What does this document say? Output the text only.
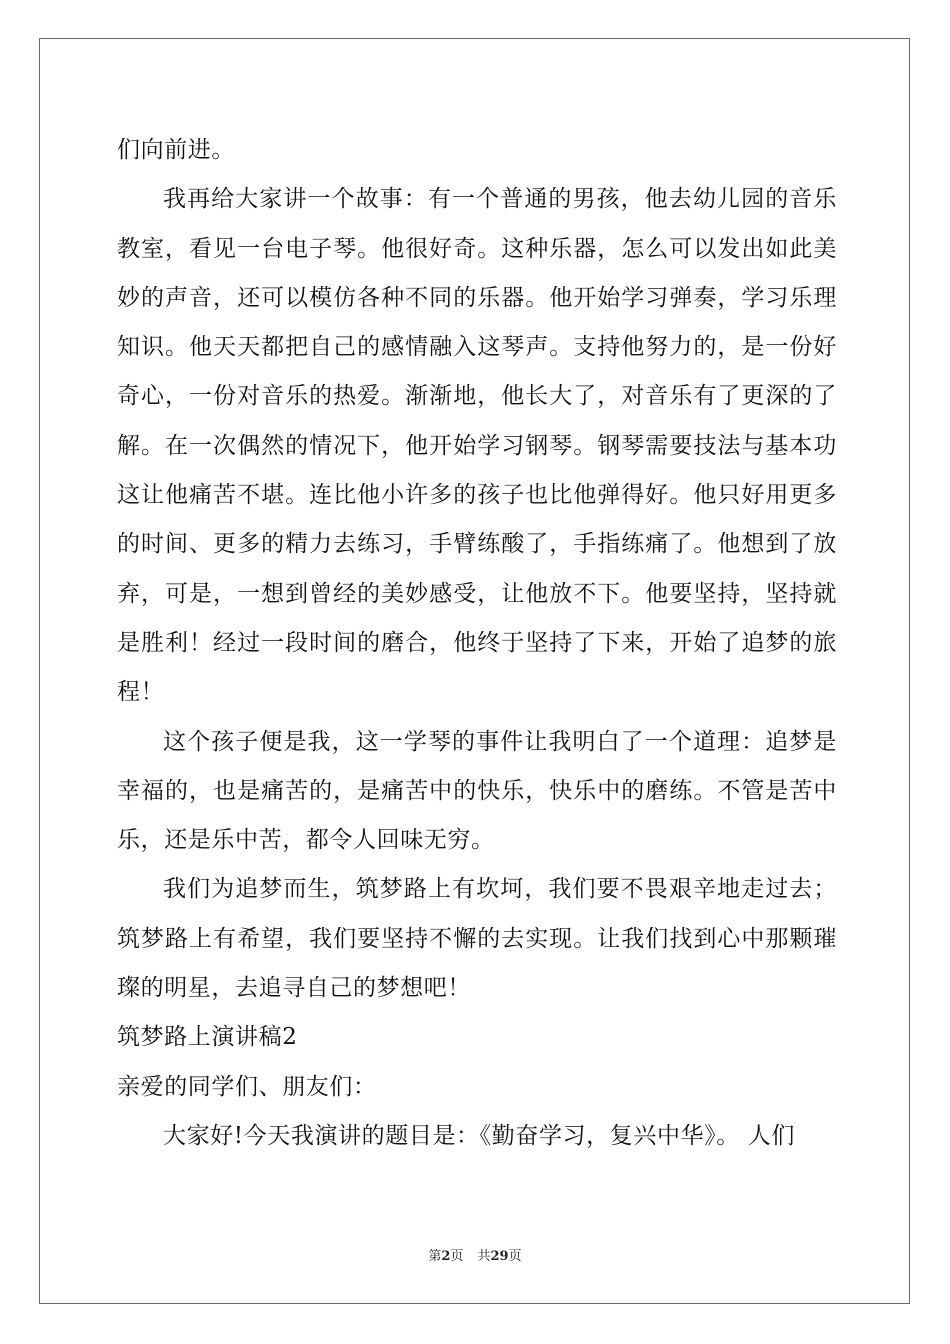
们向前进。

我再给大家讲一个故事：有一个普通的男孩，他去幼儿园的音乐教室，看见一台电子琴。他很好奇。这种乐器，怎么可以发出如此美妙的声音，还可以模仿各种不同的乐器。他开始学习弹奏，学习乐理知识。他天天都把自己的感情融入这琴声。支持他努力的，是一份好奇心，一份对音乐的热爱。渐渐地，他长大了，对音乐有了更深的了解。在一次偶然的情况下，他开始学习钢琴。钢琴需要技法与基本功这让他痛苦不堪。连比他小许多的孩子也比他弹得好。他只好用更多的时间、更多的精力去练习，手臂练酸了，手指练痛了。他想到了放弃，可是，一想到曾经的美妙感受，让他放不下。他要坚持，坚持就是胜利！经过一段时间的磨合，他终于坚持了下来，开始了追梦的旅程！

这个孩子便是我，这一学琴的事件让我明白了一个道理：追梦是幸福的，也是痛苦的，是痛苦中的快乐，快乐中的磨练。不管是苦中乐，还是乐中苦，都令人回味无穷。

我们为追梦而生，筑梦路上有坎坷，我们要不畏艰辛地走过去；筑梦路上有希望，我们要坚持不懈的去实现。让我们找到心中那颗璀璨的明星，去追寻自己的梦想吧！

筑梦路上演讲稿2

亲爱的同学们、朋友们：

大家好!今天我演讲的题目是：《勤奋学习，复兴中华》。 人们

第2页 共29页
